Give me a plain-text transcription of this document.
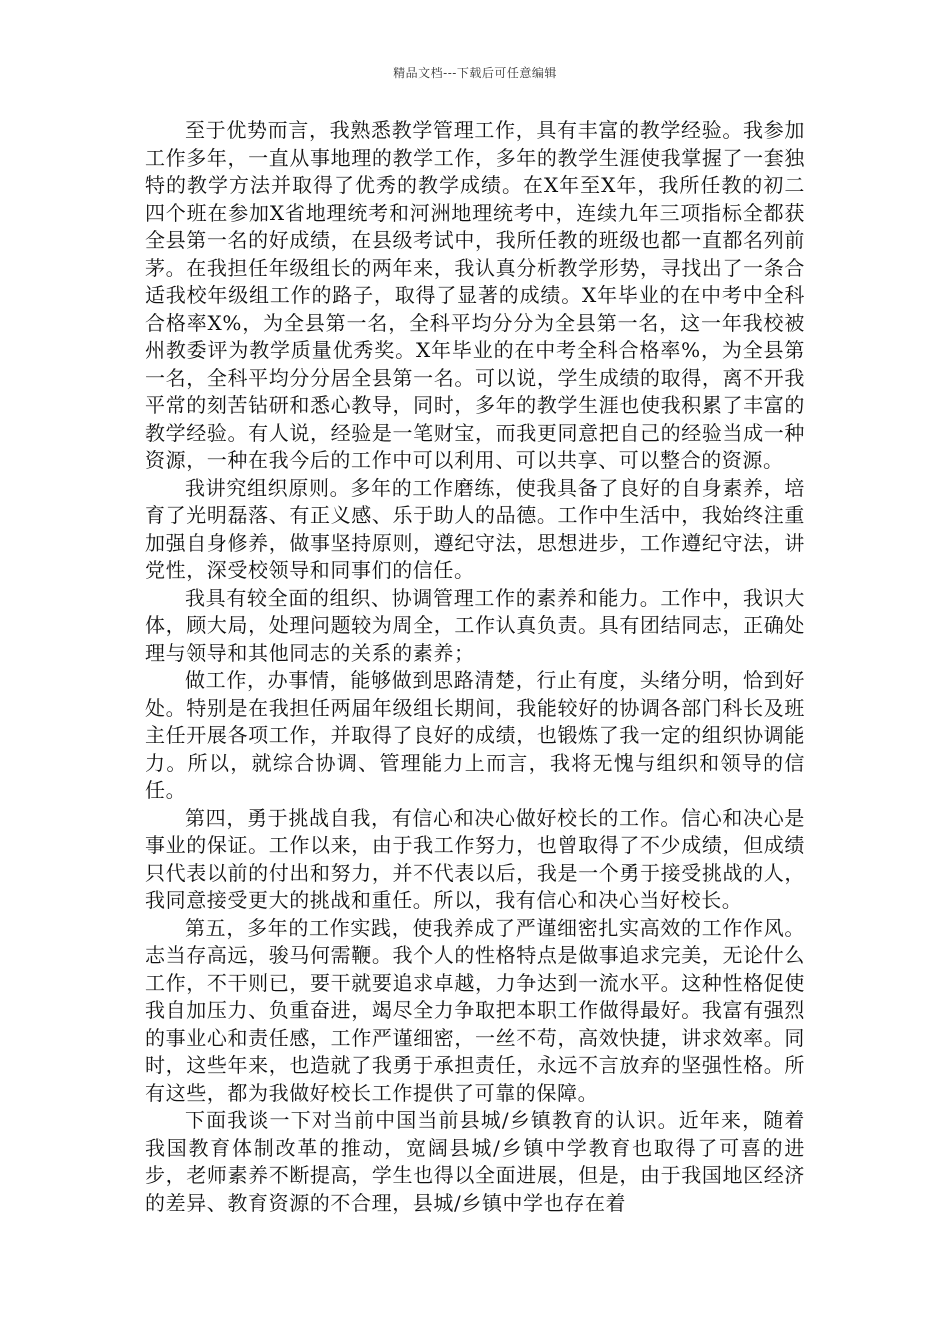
精品文档---下载后可任意编辑

至于优势而言，我熟悉教学管理工作，具有丰富的教学经验。我参加工作多年，一直从事地理的教学工作，多年的教学生涯使我掌握了一套独特的教学方法并取得了优秀的教学成绩。在X年至X年，我所任教的初二四个班在参加X省地理统考和河洲地理统考中，连续九年三项指标全都获全县第一名的好成绩，在县级考试中，我所任教的班级也都一直都名列前茅。在我担任年级组长的两年来，我认真分析教学形势，寻找出了一条合适我校年级组工作的路子，取得了显著的成绩。X年毕业的在中考中全科合格率X%，为全县第一名，全科平均分分为全县第一名，这一年我校被州教委评为教学质量优秀奖。X年毕业的在中考全科合格率%，为全县第一名，全科平均分分居全县第一名。可以说，学生成绩的取得，离不开我平常的刻苦钻研和悉心教导，同时，多年的教学生涯也使我积累了丰富的教学经验。有人说，经验是一笔财宝，而我更同意把自己的经验当成一种资源，一种在我今后的工作中可以利用、可以共享、可以整合的资源。

我讲究组织原则。多年的工作磨练，使我具备了良好的自身素养，培育了光明磊落、有正义感、乐于助人的品德。工作中生活中，我始终注重加强自身修养，做事坚持原则，遵纪守法，思想进步，工作遵纪守法，讲党性，深受校领导和同事们的信任。

我具有较全面的组织、协调管理工作的素养和能力。工作中，我识大体，顾大局，处理问题较为周全，工作认真负责。具有团结同志，正确处理与领导和其他同志的关系的素养；

做工作，办事情，能够做到思路清楚，行止有度，头绪分明，恰到好处。特别是在我担任两届年级组长期间，我能较好的协调各部门科长及班主任开展各项工作，并取得了良好的成绩，也锻炼了我一定的组织协调能力。所以，就综合协调、管理能力上而言，我将无愧与组织和领导的信任。

第四，勇于挑战自我，有信心和决心做好校长的工作。信心和决心是事业的保证。工作以来，由于我工作努力，也曾取得了不少成绩，但成绩只代表以前的付出和努力，并不代表以后，我是一个勇于接受挑战的人，我同意接受更大的挑战和重任。所以，我有信心和决心当好校长。

第五，多年的工作实践，使我养成了严谨细密扎实高效的工作作风。志当存高远，骏马何需鞭。我个人的性格特点是做事追求完美，无论什么工作，不干则已，要干就要追求卓越，力争达到一流水平。这种性格促使我自加压力、负重奋进，竭尽全力争取把本职工作做得最好。我富有强烈的事业心和责任感，工作严谨细密，一丝不苟，高效快捷，讲求效率。同时，这些年来，也造就了我勇于承担责任，永远不言放弃的坚强性格。所有这些，都为我做好校长工作提供了可靠的保障。

下面我谈一下对当前中国当前县城/乡镇教育的认识。近年来，随着我国教育体制改革的推动，宽阔县城/乡镇中学教育也取得了可喜的进步，老师素养不断提高，学生也得以全面进展，但是，由于我国地区经济的差异、教育资源的不合理，县城/乡镇中学也存在着
